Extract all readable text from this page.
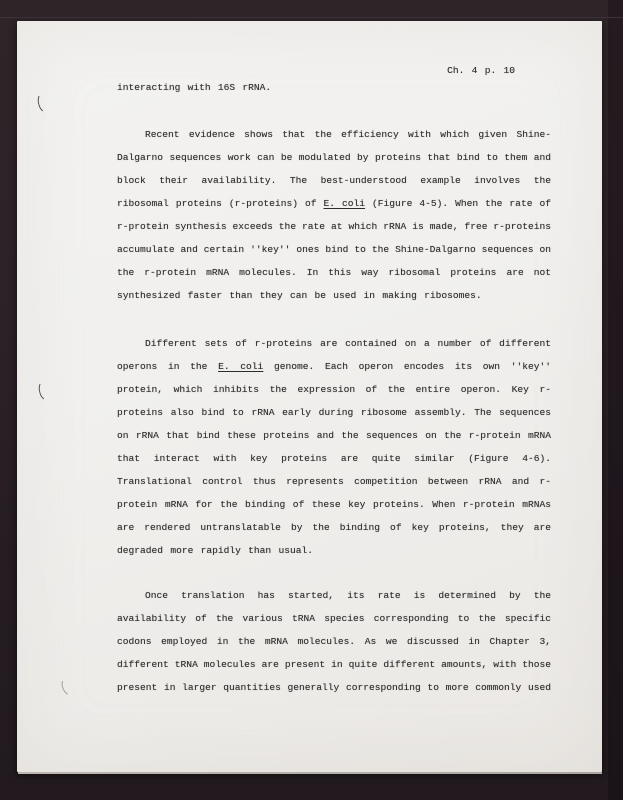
Ch. 4 p. 10
interacting with 16S rRNA.
Recent evidence shows that the efficiency with which given Shine-
Dalgarno sequences work can be modulated by proteins that bind to them and
block their availability. The best-understood example involves the
ribosomal proteins (r-proteins) of E. coli (Figure 4-5). When the rate of
r-protein synthesis exceeds the rate at which rRNA is made, free r-proteins
accumulate and certain ''key'' ones bind to the Shine-Dalgarno sequences on
the r-protein mRNA molecules. In this way ribosomal proteins are not
synthesized faster than they can be used in making ribosomes.
Different sets of r-proteins are contained on a number of different
operons in the E. coli genome. Each operon encodes its own ''key''
protein, which inhibits the expression of the entire operon. Key r-
proteins also bind to rRNA early during ribosome assembly. The sequences
on rRNA that bind these proteins and the sequences on the r-protein mRNA
that interact with key proteins are quite similar (Figure 4-6).
Translational control thus represents competition between rRNA and r-
protein mRNA for the binding of these key proteins. When r-protein mRNAs
are rendered untranslatable by the binding of key proteins, they are
degraded more rapidly than usual.
Once translation has started, its rate is determined by the
availability of the various tRNA species corresponding to the specific
codons employed in the mRNA molecules. As we discussed in Chapter 3,
different tRNA molecules are present in quite different amounts, with those
present in larger quantities generally corresponding to more commonly used
